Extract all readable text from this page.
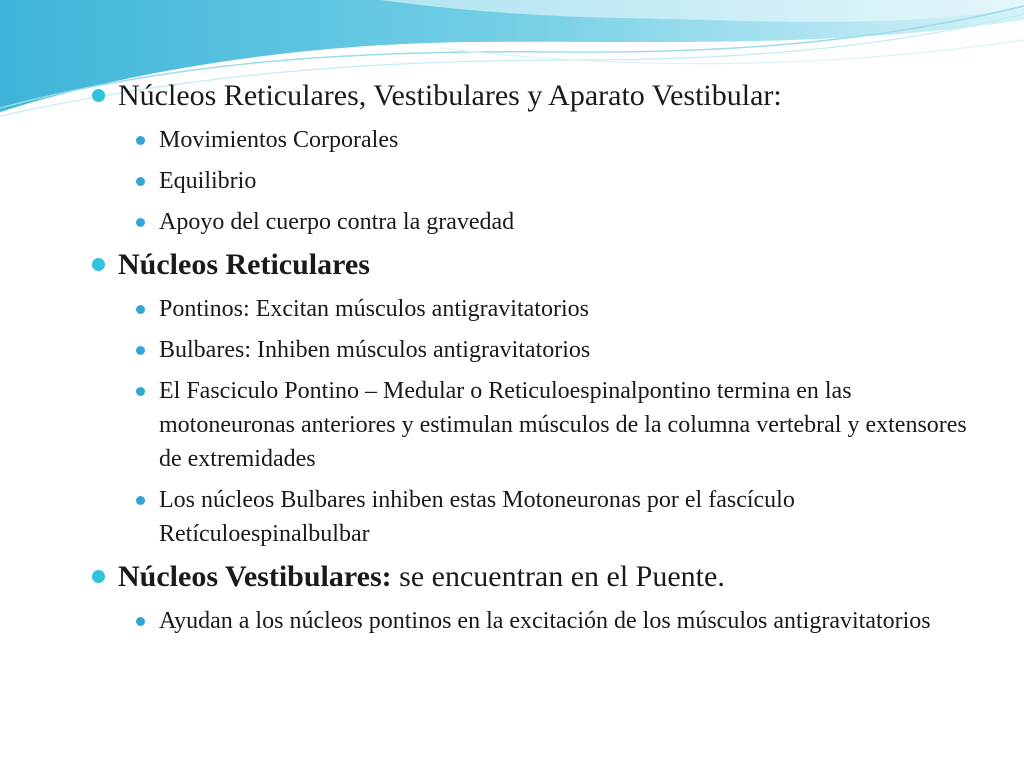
Núcleos Reticulares, Vestibulares y Aparato Vestibular:
Movimientos Corporales
Equilibrio
Apoyo del cuerpo contra la gravedad
Núcleos Reticulares
Pontinos: Excitan músculos antigravitatorios
Bulbares: Inhiben músculos antigravitatorios
El Fasciculo Pontino – Medular o Reticuloespinalpontino termina en las motoneuronas anteriores y estimulan músculos de la columna vertebral y extensores de extremidades
Los núcleos Bulbares inhiben estas Motoneuronas por el fascículo Retículoespinalbulbar
Núcleos Vestibulares: se encuentran en el Puente.
Ayudan a los núcleos pontinos en la excitación de los músculos antigravitatorios
